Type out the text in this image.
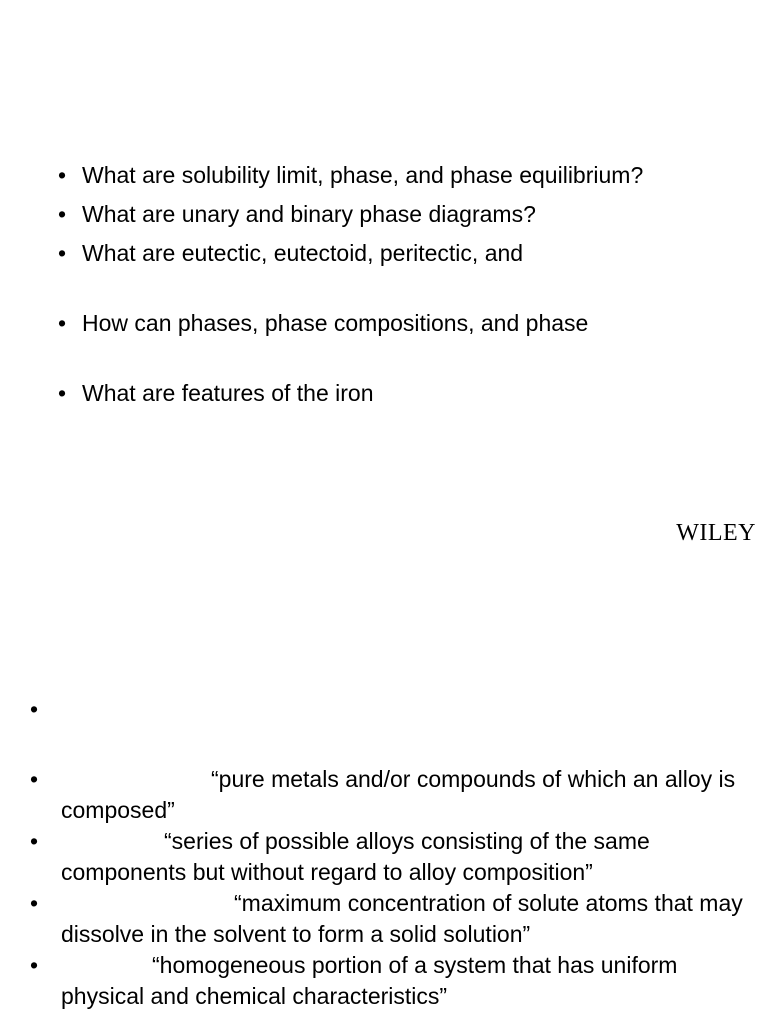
• What are solubility limit, phase, and phase equilibrium?
• What are unary and binary phase diagrams?
• What are eutectic, eutectoid, peritectic, and
• How can phases, phase compositions, and phase
• What are features of the iron
WILEY
•
• “pure metals and/or compounds of which an alloy is composed”
• “series of possible alloys consisting of the same components but without regard to alloy composition”
• “maximum concentration of solute atoms that may dissolve in the solvent to form a solid solution”
• “homogeneous portion of a system that has uniform physical and chemical characteristics”
